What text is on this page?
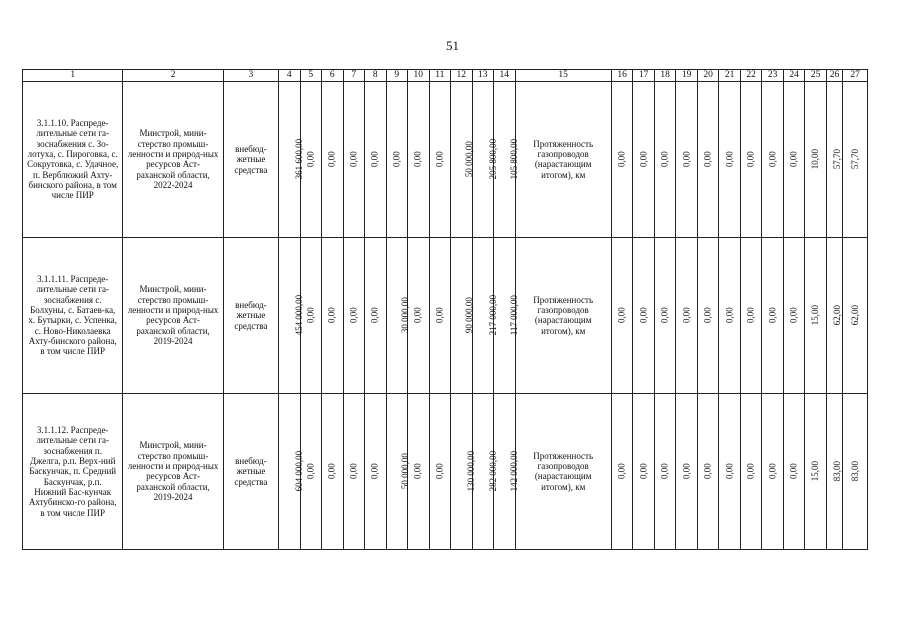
51
1	2	3	4	5	6	7	8	9	10	11	12	13	14	15	16	17	18	19	20	21	22	23	24	25	26	27

3.1.1.10. Распреде-лительные сети га-зоснабжения с. Зо-лотуха, с. Пироговка, с. Сокрутовка, с. Удачное, п. Верблюжий Ахту-бинского района, в том числе ПИР	Минстрой, мини-стерство промыш-ленности и природ-ных ресурсов Аст-раханской области, 2022-2024	внебюд-жетные средства	361 600,00	0,00	0,00	0,00	0,00	0,00	0,00	0,00	50 000,00	205 800,00	105 800,00	Протяженность газопроводов (нарастающим итогом), км	0,00	0,00	0,00	0,00	0,00	0,00	0,00	0,00	0,00	10,00	57,70	57,70

3.1.1.11. Распреде-лительные сети га-зоснабжения с. Болхуны, с. Батаев-ка, х. Бутырки, с. Успенка, с. Ново-Николаевка Ахту-бинского района, в том числе ПИР	Минстрой, мини-стерство промыш-ленности и природ-ных ресурсов Аст-раханской области, 2019-2024	внебюд-жетные средства	454 000,00	0,00	0,00	0,00	0,00	30 000,00	0,00	0,00	90 000,00	217 000,00	117 000,00	Протяженность газопроводов (нарастающим итогом), км	0,00	0,00	0,00	0,00	0,00	0,00	0,00	0,00	0,00	15,00	62,00	62,00

3.1.1.12. Распреде-лительные сети га-зоснабжения п. Джелга, р.п. Верх-ний Баскунчак, п. Средний Баскунчак, р.п. Нижний Бас-кунчак Ахтубинско-го района, в том числе ПИР	Минстрой, мини-стерство промыш-ленности и природ-ных ресурсов Аст-раханской области, 2019-2024	внебюд-жетные средства	604 000,00	0,00	0,00	0,00	0,00	50 000,00	0,00	0,00	130 000,00	282 000,00	142 000,00	Протяженность газопроводов (нарастающим итогом), км	0,00	0,00	0,00	0,00	0,00	0,00	0,00	0,00	0,00	15,00	83,00	83,00
